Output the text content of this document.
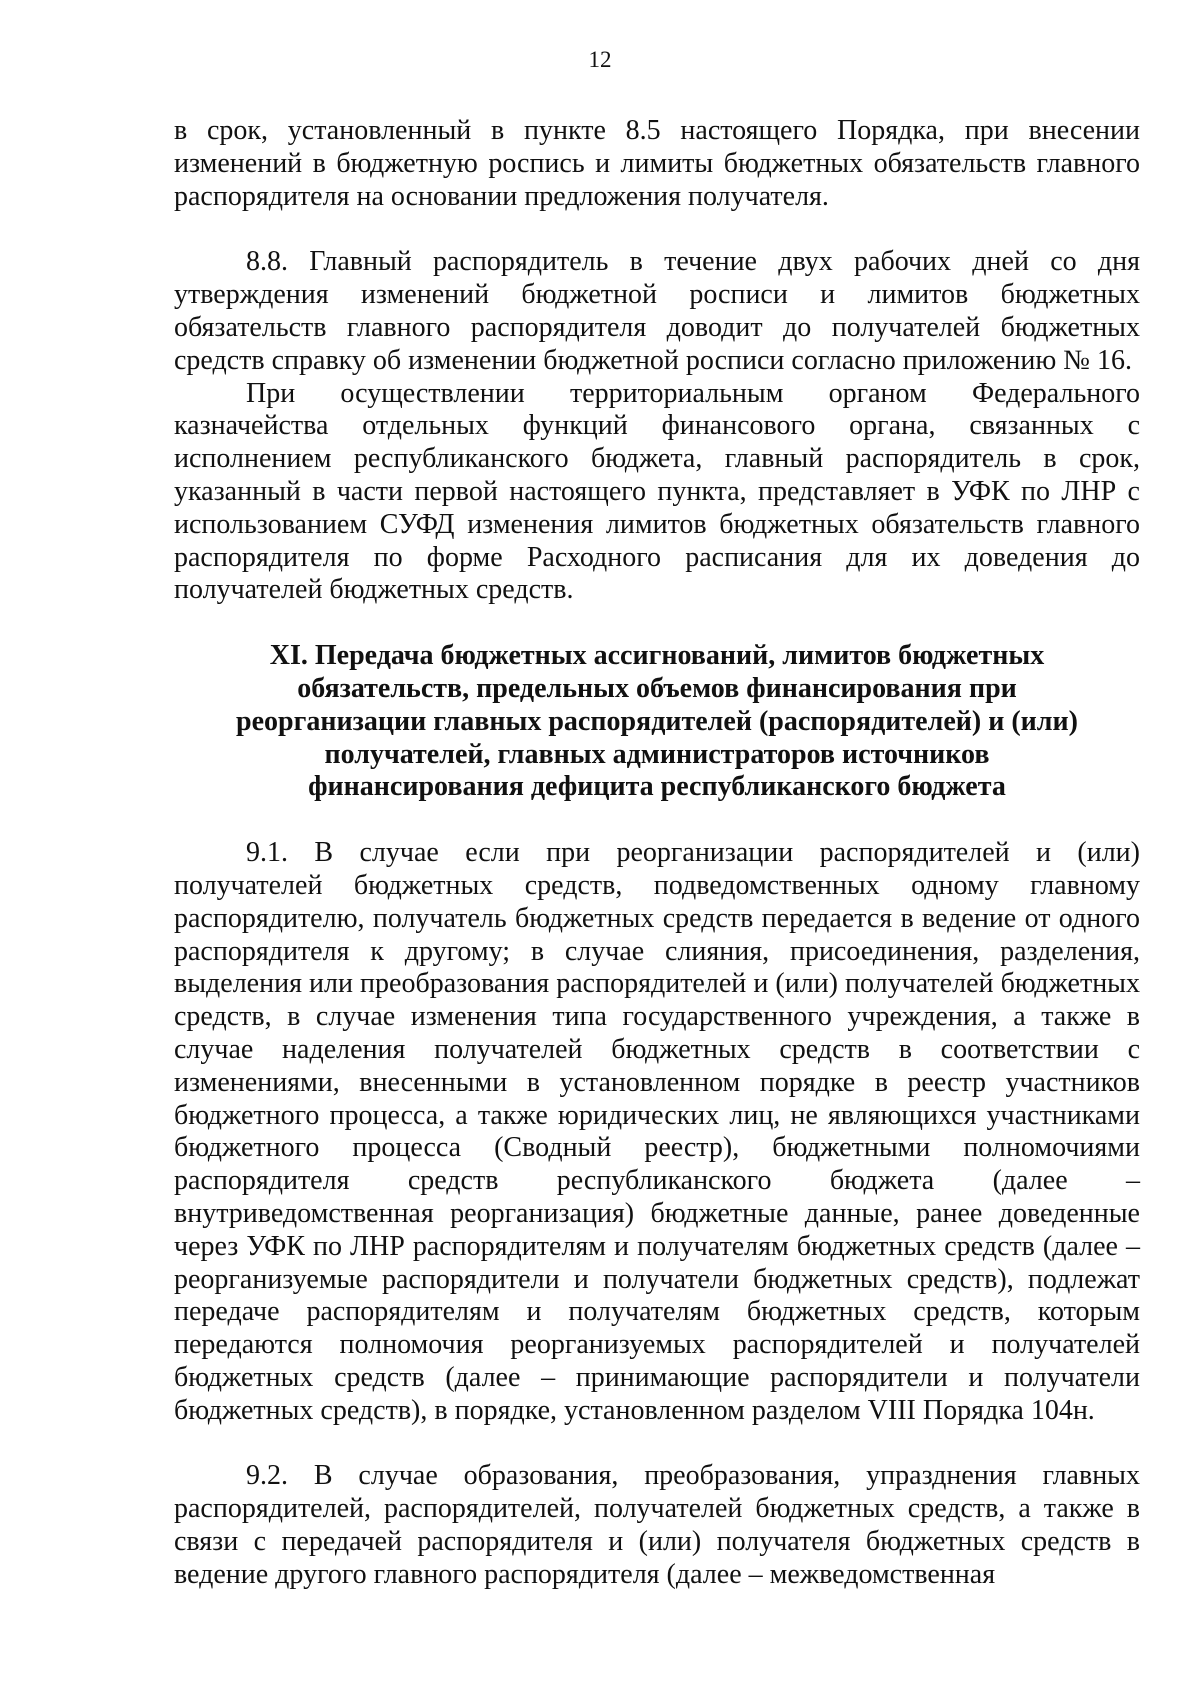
12

в срок, установленный в пункте 8.5 настоящего Порядка, при внесении изменений в бюджетную роспись и лимиты бюджетных обязательств главного распорядителя на основании предложения получателя.

8.8. Главный распорядитель в течение двух рабочих дней со дня утверждения изменений бюджетной росписи и лимитов бюджетных обязательств главного распорядителя доводит до получателей бюджетных средств справку об изменении бюджетной росписи согласно приложению № 16.

При осуществлении территориальным органом Федерального казначейства отдельных функций финансового органа, связанных с исполнением республиканского бюджета, главный распорядитель в срок, указанный в части первой настоящего пункта, представляет в УФК по ЛНР с использованием СУФД изменения лимитов бюджетных обязательств главного распорядителя по форме Расходного расписания для их доведения до получателей бюджетных средств.

XI. Передача бюджетных ассигнований, лимитов бюджетных обязательств, предельных объемов финансирования при реорганизации главных распорядителей (распорядителей) и (или) получателей, главных администраторов источников финансирования дефицита республиканского бюджета

9.1. В случае если при реорганизации распорядителей и (или) получателей бюджетных средств, подведомственных одному главному распорядителю, получатель бюджетных средств передается в ведение от одного распорядителя к другому; в случае слияния, присоединения, разделения, выделения или преобразования распорядителей и (или) получателей бюджетных средств, в случае изменения типа государственного учреждения, а также в случае наделения получателей бюджетных средств в соответствии с изменениями, внесенными в установленном порядке в реестр участников бюджетного процесса, а также юридических лиц, не являющихся участниками бюджетного процесса (Сводный реестр), бюджетными полномочиями распорядителя средств республиканского бюджета (далее – внутриведомственная реорганизация) бюджетные данные, ранее доведенные через УФК по ЛНР распорядителям и получателям бюджетных средств (далее – реорганизуемые распорядители и получатели бюджетных средств), подлежат передаче распорядителям и получателям бюджетных средств, которым передаются полномочия реорганизуемых распорядителей и получателей бюджетных средств (далее – принимающие распорядители и получатели бюджетных средств), в порядке, установленном разделом VIII Порядка 104н.

9.2. В случае образования, преобразования, упразднения главных распорядителей, распорядителей, получателей бюджетных средств, а также в связи с передачей распорядителя и (или) получателя бюджетных средств в ведение другого главного распорядителя (далее – межведомственная
